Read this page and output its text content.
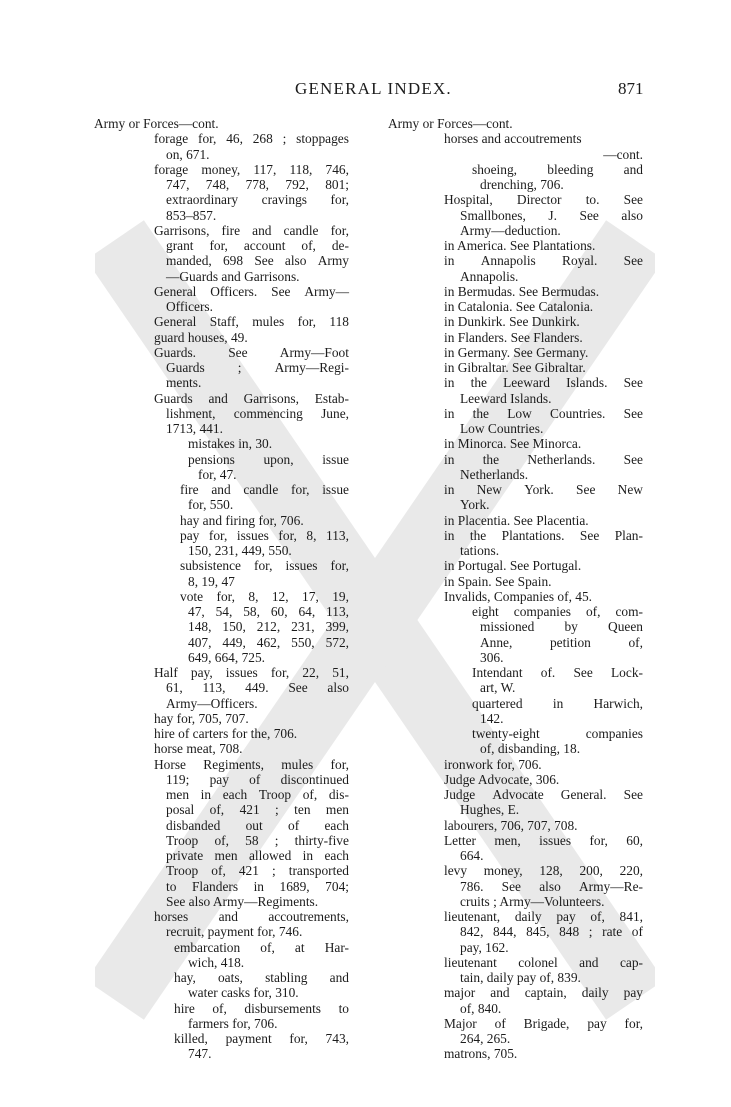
GENERAL INDEX.	871
Army or Forces—cont.
forage for, 46, 268 ; stoppages
on, 671.
forage money, 117, 118, 746,
747, 748, 778, 792, 801;
extraordinary cravings for,
853–857.
Garrisons, fire and candle for,
grant for, account of, de-
manded, 698 See also Army
—Guards and Garrisons.
General Officers. See Army—
Officers.
General Staff, mules for, 118
guard houses, 49.
Guards. See Army—Foot
Guards ; Army—Regi-
ments.
Guards and Garrisons, Estab-
lishment, commencing June,
1713, 441.
mistakes in, 30.
pensions upon, issue
for, 47.
fire and candle for, issue
for, 550.
hay and firing for, 706.
pay for, issues for, 8, 113,
150, 231, 449, 550.
subsistence for, issues for,
8, 19, 47
vote for, 8, 12, 17, 19,
47, 54, 58, 60, 64, 113,
148, 150, 212, 231, 399,
407, 449, 462, 550, 572,
649, 664, 725.
Half pay, issues for, 22, 51,
61, 113, 449. See also
Army—Officers.
hay for, 705, 707.
hire of carters for the, 706.
horse meat, 708.
Horse Regiments, mules for,
119; pay of discontinued
men in each Troop of, dis-
posal of, 421 ; ten men
disbanded out of each
Troop of, 58 ; thirty-five
private men allowed in each
Troop of, 421 ; transported
to Flanders in 1689, 704;
See also Army—Regiments.
horses and accoutrements,
recruit, payment for, 746.
embarcation of, at Har-
wich, 418.
hay, oats, stabling and
water casks for, 310.
hire of, disbursements to
farmers for, 706.
killed, payment for, 743,
747.
Army or Forces—cont.
horses and accoutrements
—cont.
shoeing, bleeding and
drenching, 706.
Hospital, Director to. See
Smallbones, J. See also
Army—deduction.
in America. See Plantations.
in Annapolis Royal. See
Annapolis.
in Bermudas. See Bermudas.
in Catalonia. See Catalonia.
in Dunkirk. See Dunkirk.
in Flanders. See Flanders.
in Germany. See Germany.
in Gibraltar. See Gibraltar.
in the Leeward Islands. See
Leeward Islands.
in the Low Countries. See
Low Countries.
in Minorca. See Minorca.
in the Netherlands. See
Netherlands.
in New York. See New
York.
in Placentia. See Placentia.
in the Plantations. See Plan-
tations.
in Portugal. See Portugal.
in Spain. See Spain.
Invalids, Companies of, 45.
eight companies of, com-
missioned by Queen
Anne,	petition	of,
306.
Intendant of. See Lock-
art, W.
quartered in Harwich,
142.
twenty-eight	companies
of, disbanding, 18.
ironwork for, 706.
Judge Advocate, 306.
Judge Advocate General. See
Hughes, E.
labourers, 706, 707, 708.
Letter men, issues for, 60,
664.
levy money, 128, 200, 220,
786. See also Army—Re-
cruits ; Army—Volunteers.
lieutenant, daily pay of, 841,
842, 844, 845, 848 ; rate of
pay, 162.
lieutenant colonel and cap-
tain, daily pay of, 839.
major and captain, daily pay
of, 840.
Major of Brigade, pay for,
264, 265.
matrons, 705.
